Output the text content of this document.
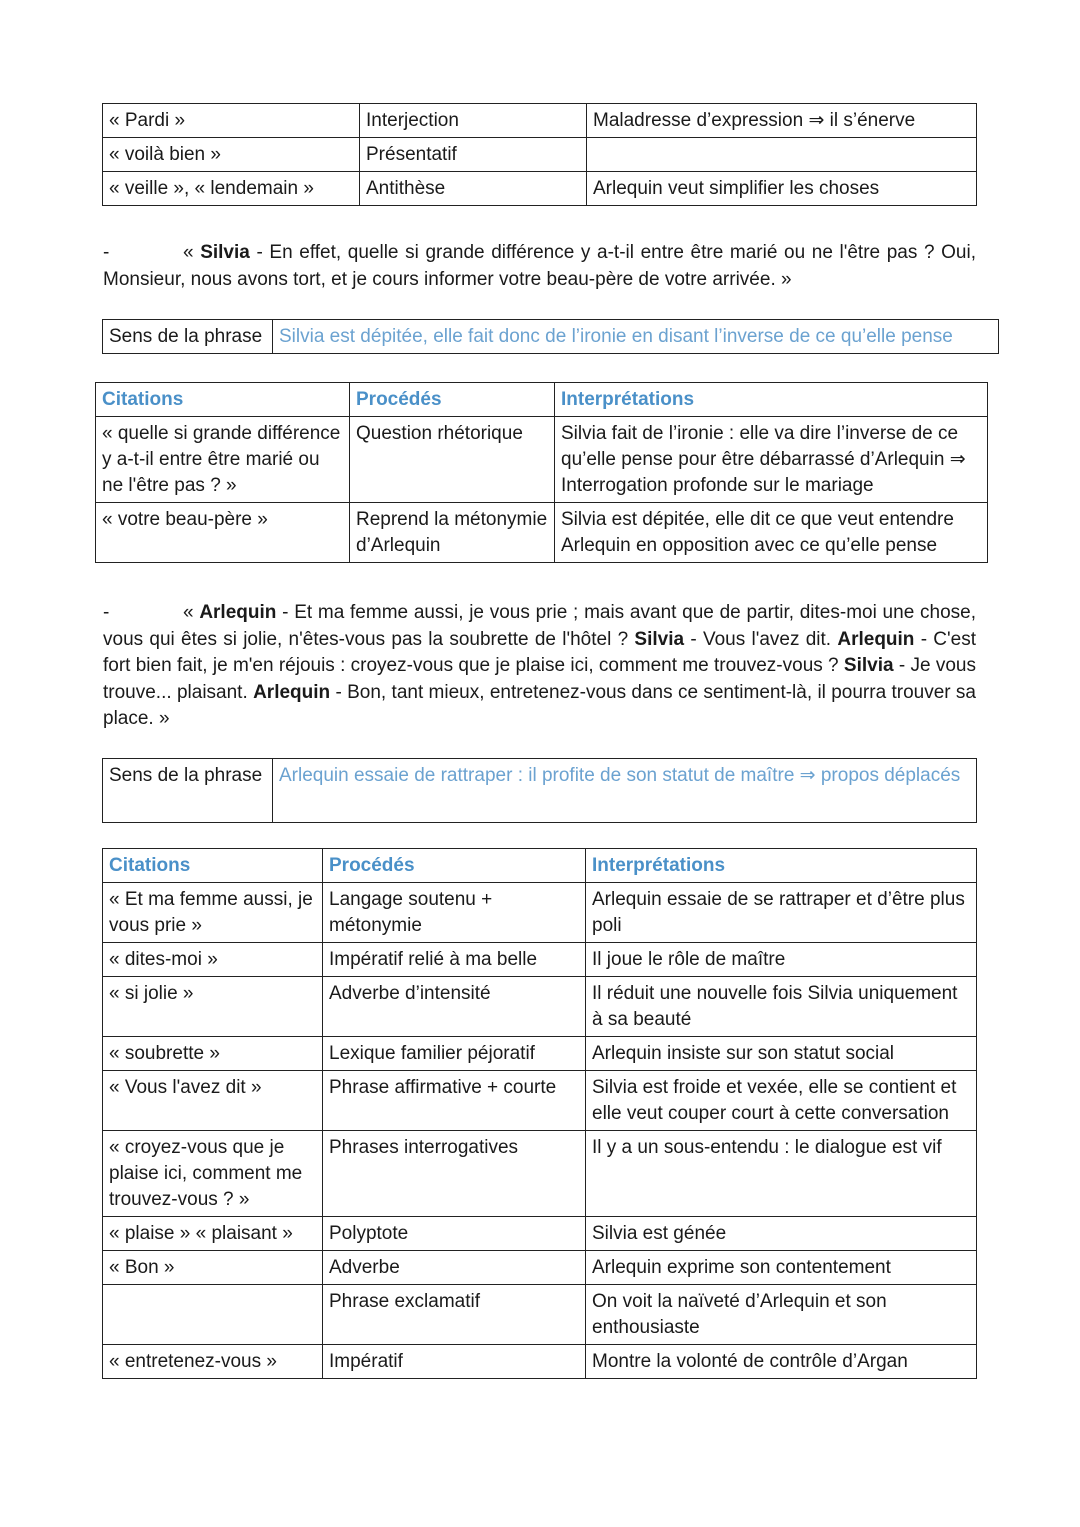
« Pardi »	Interjection	Maladresse d’expression ⇒ il s’énerve
« voilà bien »	Présentatif	
« veille », « lendemain »	Antithèse	Arlequin veut simplifier les choses
-	« Silvia - En effet, quelle si grande différence y a-t-il entre être marié ou ne l'être pas ? Oui, Monsieur, nous avons tort, et je cours informer votre beau-père de votre arrivée. »
Sens de la phrase	Silvia est dépitée, elle fait donc de l’ironie en disant l’inverse de ce qu’elle pense
Citations	Procédés	Interprétations
« quelle si grande différence y a-t-il entre être marié ou ne l'être pas ? »	Question rhétorique	Silvia fait de l’ironie : elle va dire l’inverse de ce qu’elle pense pour être débarrassé d’Arlequin ⇒ Interrogation profonde sur le mariage
« votre beau-père »	Reprend la métonymie d’Arlequin	Silvia est dépitée, elle dit ce que veut entendre Arlequin en opposition avec ce qu’elle pense
-	« Arlequin - Et ma femme aussi, je vous prie ; mais avant que de partir, dites-moi une chose, vous qui êtes si jolie, n'êtes-vous pas la soubrette de l'hôtel ? Silvia - Vous l'avez dit. Arlequin - C'est fort bien fait, je m'en réjouis : croyez-vous que je plaise ici, comment me trouvez-vous ? Silvia - Je vous trouve... plaisant. Arlequin - Bon, tant mieux, entretenez-vous dans ce sentiment-là, il pourra trouver sa place. »
Sens de la phrase	Arlequin essaie de rattraper : il profite de son statut de maître ⇒ propos déplacés
Citations	Procédés	Interprétations
« Et ma femme aussi, je vous prie »	Langage soutenu + métonymie	Arlequin essaie de se rattraper et d’être plus poli
« dites-moi »	Impératif relié à ma belle	Il joue le rôle de maître
« si jolie »	Adverbe d’intensité	Il réduit une nouvelle fois Silvia uniquement à sa beauté
« soubrette »	Lexique familier péjoratif	Arlequin insiste sur son statut social
« Vous l'avez dit »	Phrase affirmative + courte	Silvia est froide et vexée, elle se contient et elle veut couper court à cette conversation
« croyez-vous que je plaise ici, comment me trouvez-vous ? »	Phrases interrogatives	Il y a un sous-entendu : le dialogue est vif
« plaise » « plaisant »	Polyptote	Silvia est génée
« Bon »	Adverbe	Arlequin exprime son contentement
	Phrase exclamatif	On voit la naïveté d’Arlequin et son enthousiaste
« entretenez-vous »	Impératif	Montre la volonté de contrôle d’Argan
